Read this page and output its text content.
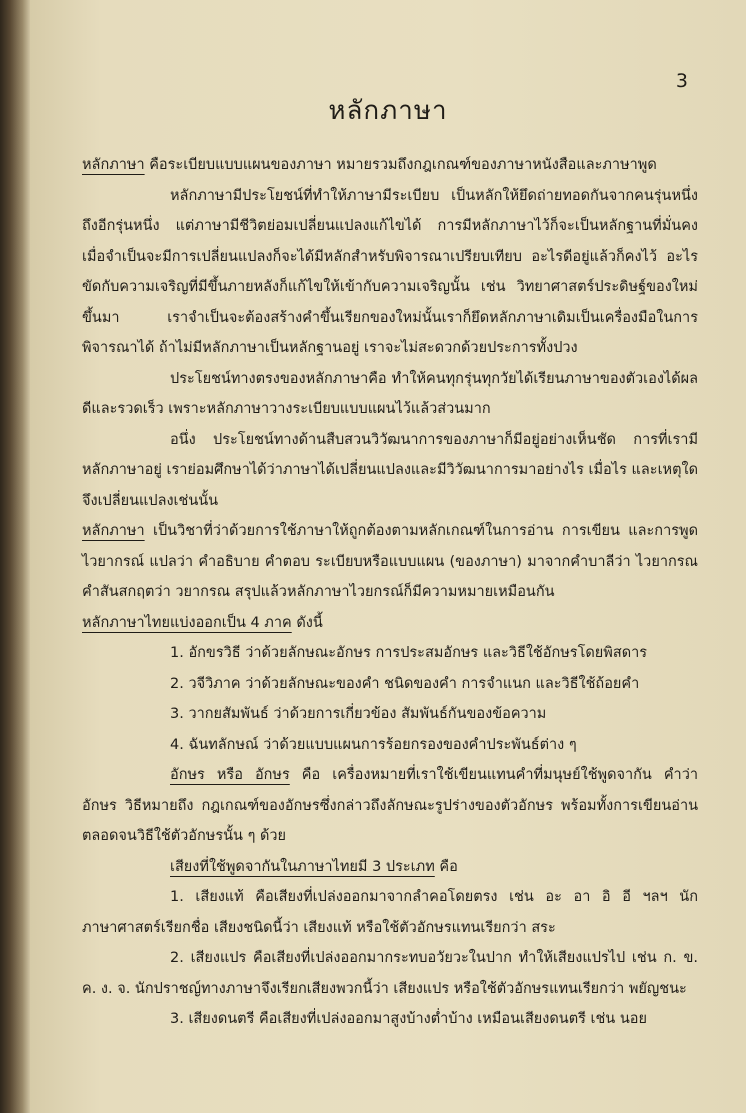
3
หลักภาษา

หลักภาษา คือระเบียบแบบแผนของภาษา หมายรวมถึงกฎเกณฑ์ของภาษาหนังสือและภาษาพูด

หลักภาษามีประโยชน์ที่ทำให้ภาษามีระเบียบ เป็นหลักให้ยึดถ่ายทอดกันจากคนรุ่นหนึ่งถึงอีกรุ่นหนึ่ง แต่ภาษามีชีวิตย่อมเปลี่ยนแปลงแก้ไขได้ การมีหลักภาษาไว้ก็จะเป็นหลักฐานที่มั่นคง เมื่อจำเป็นจะมีการเปลี่ยนแปลงก็จะได้มีหลักสำหรับพิจารณาเปรียบเทียบ อะไรดีอยู่แล้วก็คงไว้ อะไรขัดกับความเจริญที่มีขึ้นภายหลังก็แก้ไขให้เข้ากับความเจริญนั้น เช่น วิทยาศาสตร์ประดิษฐ์ของใหม่ขึ้นมา เราจำเป็นจะต้องสร้างคำขึ้นเรียกของใหม่นั้นเราก็ยึดหลักภาษาเดิมเป็นเครื่องมือในการพิจารณาได้ ถ้าไม่มีหลักภาษาเป็นหลักฐานอยู่ เราจะไม่สะดวกด้วยประการทั้งปวง

ประโยชน์ทางตรงของหลักภาษาคือ ทำให้คนทุกรุ่นทุกวัยได้เรียนภาษาของตัวเองได้ผลดีและรวดเร็ว เพราะหลักภาษาวางระเบียบแบบแผนไว้แล้วส่วนมาก

อนึ่ง ประโยชน์ทางด้านสืบสวนวิวัฒนาการของภาษาก็มีอยู่อย่างเห็นชัด การที่เรามีหลักภาษาอยู่ เราย่อมศึกษาได้ว่าภาษาได้เปลี่ยนแปลงและมีวิวัฒนาการมาอย่างไร เมื่อไร และเหตุใดจึงเปลี่ยนแปลงเช่นนั้น

หลักภาษา เป็นวิชาที่ว่าด้วยการใช้ภาษาให้ถูกต้องตามหลักเกณฑ์ในการอ่าน การเขียน และการพูด ไวยากรณ์ แปลว่า คำอธิบาย คำตอบ ระเบียบหรือแบบแผน (ของภาษา) มาจากคำบาลีว่า ไวยากรณ คำสันสกฤตว่า วยากรณ สรุปแล้วหลักภาษาไวยกรณ์ก็มีความหมายเหมือนกัน

หลักภาษาไทยแบ่งออกเป็น 4 ภาค ดังนี้

1. อักขรวิธี ว่าด้วยลักษณะอักษร การประสมอักษร และวิธีใช้อักษรโดยพิสดาร

2. วจีวิภาค ว่าด้วยลักษณะของคำ ชนิดของคำ การจำแนก และวิธีใช้ถ้อยคำ

3. วากยสัมพันธ์ ว่าด้วยการเกี่ยวข้อง สัมพันธ์กันของข้อความ

4. ฉันทลักษณ์ ว่าด้วยแบบแผนการร้อยกรองของคำประพันธ์ต่าง ๆ

อักษร หรือ อักษร คือ เครื่องหมายที่เราใช้เขียนแทนคำที่มนุษย์ใช้พูดจากัน คำว่า อักษร วิธีหมายถึง กฎเกณฑ์ของอักษรซึ่งกล่าวถึงลักษณะรูปร่างของตัวอักษร พร้อมทั้งการเขียนอ่านตลอดจนวิธีใช้ตัวอักษรนั้น ๆ ด้วย

เสียงที่ใช้พูดจากันในภาษาไทยมี 3 ประเภท คือ

1. เสียงแท้ คือเสียงที่เปล่งออกมาจากลำคอโดยตรง เช่น อะ อา อิ อี ฯลฯ นักภาษาศาสตร์เรียกชื่อ เสียงชนิดนี้ว่า เสียงแท้ หรือใช้ตัวอักษรแทนเรียกว่า สระ

2. เสียงแปร คือเสียงที่เปล่งออกมากระทบอวัยวะในปาก ทำให้เสียงแปรไป เช่น ก. ข. ค. ง. จ. นักปราชญ์ทางภาษาจึงเรียกเสียงพวกนี้ว่า เสียงแปร หรือใช้ตัวอักษรแทนเรียกว่า พยัญชนะ

3. เสียงดนตรี คือเสียงที่เปล่งออกมาสูงบ้างต่ำบ้าง เหมือนเสียงดนตรี เช่น นอย
